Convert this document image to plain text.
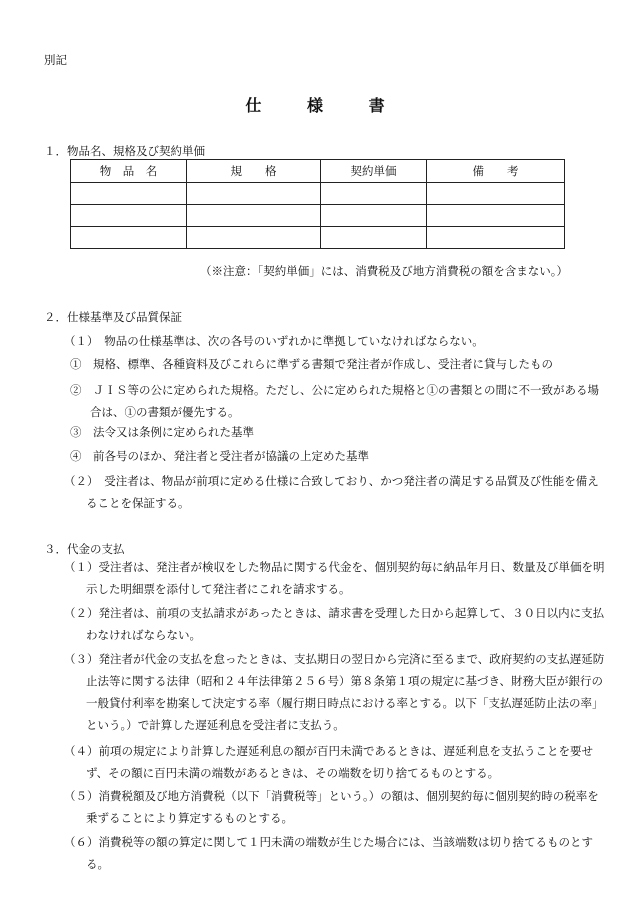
別記
仕	様	書
１．物品名、規格及び契約単価
物　品　名	規　　格	契約単価	備　　考

（※注意：「契約単価」には、消費税及び地方消費税の額を含まない。）
２．仕様基準及び品質保証
（１）　物品の仕様基準は、次の各号のいずれかに準拠していなければならない。
①　規格、標準、各種資料及びこれらに準ずる書類で発注者が作成し、受注者に貸与したもの
②　ＪＩＳ等の公に定められた規格。ただし、公に定められた規格と①の書類との間に不一致がある場合は、①の書類が優先する。
③　法令又は条例に定められた基準
④　前各号のほか、発注者と受注者が協議の上定めた基準
（２）　受注者は、物品が前項に定める仕様に合致しており、かつ発注者の満足する品質及び性能を備えることを保証する。
３．代金の支払
（１）受注者は、発注者が検収をした物品に関する代金を、個別契約毎に納品年月日、数量及び単価を明示した明細票を添付して発注者にこれを請求する。
（２）発注者は、前項の支払請求があったときは、請求書を受理した日から起算して、３０日以内に支払わなければならない。
（３）発注者が代金の支払を怠ったときは、支払期日の翌日から完済に至るまで、政府契約の支払遅延防止法等に関する法律（昭和２４年法律第２５６号）第８条第１項の規定に基づき、財務大臣が銀行の一般貸付利率を勘案して決定する率（履行期日時点における率とする。以下「支払遅延防止法の率」という。）で計算した遅延利息を受注者に支払う。
（４）前項の規定により計算した遅延利息の額が百円未満であるときは、遅延利息を支払うことを要せず、その額に百円未満の端数があるときは、その端数を切り捨てるものとする。
（５）消費税額及び地方消費税（以下「消費税等」という。）の額は、個別契約毎に個別契約時の税率を乗ずることにより算定するものとする。
（６）消費税等の額の算定に関して１円未満の端数が生じた場合には、当該端数は切り捨てるものとする。
